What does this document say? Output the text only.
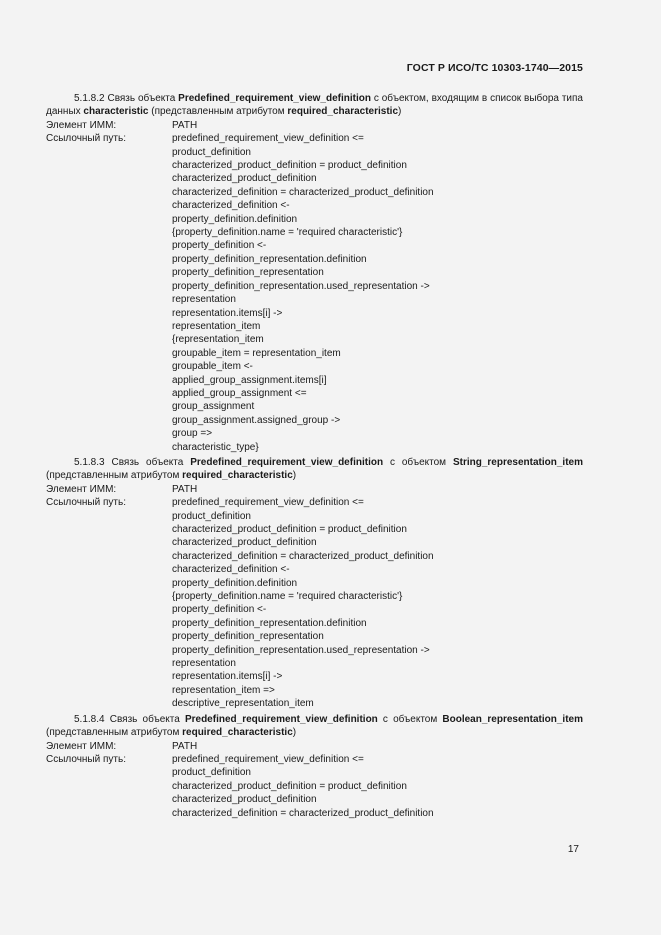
ГОСТ Р ИСО/ТС 10303-1740—2015

5.1.8.2 Связь объекта Predefined_requirement_view_definition с объектом, входящим в список выбора типа данных characteristic (представленным атрибутом required_characteristic)

Элемент ИММ:	PATH
Ссылочный путь:	predefined_requirement_view_definition <=
product_definition
characterized_product_definition = product_definition
characterized_product_definition
characterized_definition = characterized_product_definition
characterized_definition <-
property_definition.definition
{property_definition.name = 'required characteristic'}
property_definition <-
property_definition_representation.definition
property_definition_representation
property_definition_representation.used_representation ->
representation
representation.items[i] ->
representation_item
{representation_item
groupable_item = representation_item
groupable_item <-
applied_group_assignment.items[i]
applied_group_assignment <=
group_assignment
group_assignment.assigned_group ->
group =>
characteristic_type}

5.1.8.3 Связь объекта Predefined_requirement_view_definition с объектом String_representation_item (представленным атрибутом required_characteristic)

Элемент ИММ:	PATH
Ссылочный путь:	predefined_requirement_view_definition <=
product_definition
characterized_product_definition = product_definition
characterized_product_definition
characterized_definition = characterized_product_definition
characterized_definition <-
property_definition.definition
{property_definition.name = 'required characteristic'}
property_definition <-
property_definition_representation.definition
property_definition_representation
property_definition_representation.used_representation ->
representation
representation.items[i] ->
representation_item =>
descriptive_representation_item

5.1.8.4 Связь объекта Predefined_requirement_view_definition с объектом Boolean_representation_item (представленным атрибутом required_characteristic)

Элемент ИММ:	PATH
Ссылочный путь:	predefined_requirement_view_definition <=
product_definition
characterized_product_definition = product_definition
characterized_product_definition
characterized_definition = characterized_product_definition
17
